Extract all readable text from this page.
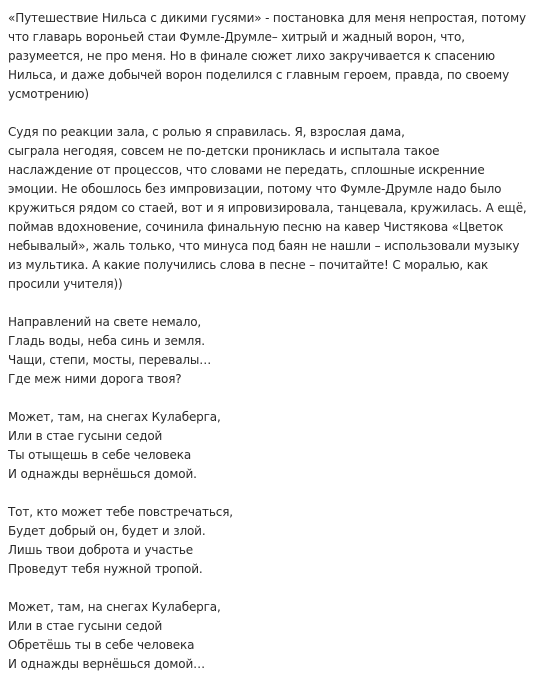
«Путешествие Нильса с дикими гусями» - постановка для меня непростая, потому
что главарь вороньей стаи Фумле-Друмле– хитрый и жадный ворон, что,
разумеется, не про меня. Но в финале сюжет лихо закручивается к спасению
Нильса, и даже добычей ворон поделился с главным героем, правда, по своему
усмотрению)
Судя по реакции зала, с ролью я справилась. Я, взрослая дама,
сыграла негодяя, совсем не по-детски прониклась и испытала такое
наслаждение от процессов, что словами не передать, сплошные искренние
эмоции. Не обошлось без импровизации, потому что Фумле-Друмле надо было
кружиться рядом со стаей, вот и я ипровизировала, танцевала, кружилась. А ещё,
поймав вдохновение, сочинила финальную песню на кавер Чистякова «Цветок
небывалый», жаль только, что минуса под баян не нашли – использовали музыку
из мультика. А какие получились слова в песне – почитайте! С моралью, как
просили учителя))
Направлений на свете немало,
Гладь воды, неба синь и земля.
Чащи, степи, мосты, перевалы…
Где меж ними дорога твоя?
Может, там, на снегах Кулаберга,
Или в стае гусыни седой
Ты отыщешь в себе человека
И однажды вернёшься домой.
Тот, кто может тебе повстречаться,
Будет добрый он, будет и злой.
Лишь твои доброта и участье
Проведут тебя нужной тропой.
Может, там, на снегах Кулаберга,
Или в стае гусыни седой
Обретёшь ты в себе человека
И однажды вернёшься домой…
